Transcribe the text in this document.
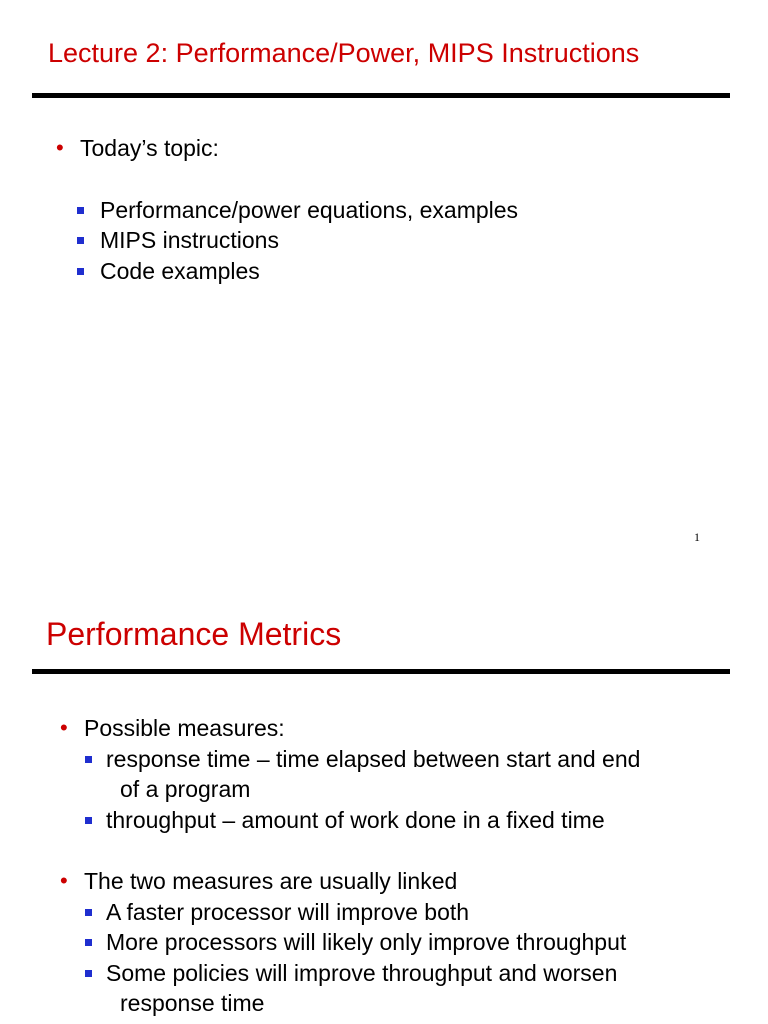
Lecture 2: Performance/Power, MIPS Instructions
• Today’s topic:
Performance/power equations, examples
MIPS instructions
Code examples
1
Performance Metrics
• Possible measures:
response time – time elapsed between start and end
of a program
throughput – amount of work done in a fixed time
• The two measures are usually linked
A faster processor will improve both
More processors will likely only improve throughput
Some policies will improve throughput and worsen
response time
